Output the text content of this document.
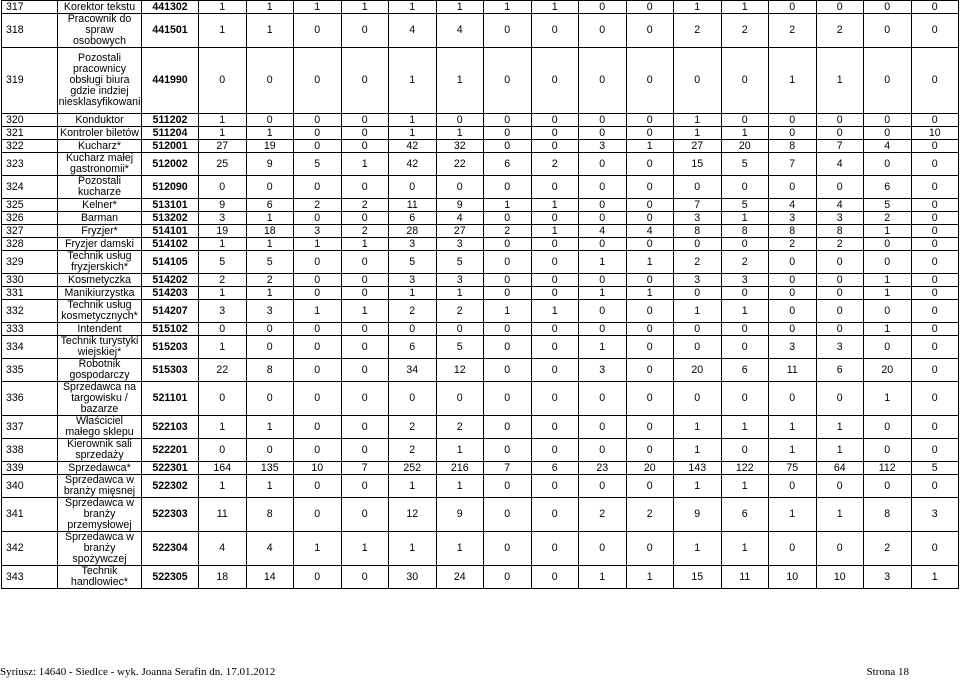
317	Korektor tekstu	441302	1	1	1	1	1	1	1	1	0	0	1	1	0	0	0	0
318	Pracownik do spraw osobowych	441501	1	1	0	0	4	4	0	0	0	0	2	2	2	2	0	0
319	Pozostali pracownicy obsługi biura gdzie indziej niesklasyfikowani	441990	0	0	0	0	1	1	0	0	0	0	0	0	1	1	0	0
320	Konduktor	511202	1	0	0	0	1	0	0	0	0	0	1	0	0	0	0	0
321	Kontroler biletów	511204	1	1	0	0	1	1	0	0	0	0	1	1	0	0	0	10
322	Kucharz*	512001	27	19	0	0	42	32	0	0	3	1	27	20	8	7	4	0
323	Kucharz małej gastronomii*	512002	25	9	5	1	42	22	6	2	0	0	15	5	7	4	0	0
324	Pozostali kucharze	512090	0	0	0	0	0	0	0	0	0	0	0	0	0	0	6	0
325	Kelner*	513101	9	6	2	2	11	9	1	1	0	0	7	5	4	4	5	0
326	Barman	513202	3	1	0	0	6	4	0	0	0	0	3	1	3	3	2	0
327	Fryzjer*	514101	19	18	3	2	28	27	2	1	4	4	8	8	8	8	1	0
328	Fryzjer damski	514102	1	1	1	1	3	3	0	0	0	0	0	0	2	2	0	0
329	Technik usług fryzjerskich*	514105	5	5	0	0	5	5	0	0	1	1	2	2	0	0	0	0
330	Kosmetyczka	514202	2	2	0	0	3	3	0	0	0	0	3	3	0	0	1	0
331	Manikiurzystka	514203	1	1	0	0	1	1	0	0	1	1	0	0	0	0	1	0
332	Technik usług kosmetycznych*	514207	3	3	1	1	2	2	1	1	0	0	1	1	0	0	0	0
333	Intendent	515102	0	0	0	0	0	0	0	0	0	0	0	0	0	0	1	0
334	Technik turystyki wiejskiej*	515203	1	0	0	0	6	5	0	0	1	0	0	0	3	3	0	0
335	Robotnik gospodarczy	515303	22	8	0	0	34	12	0	0	3	0	20	6	11	6	20	0
336	Sprzedawca na targowisku / bazarze	521101	0	0	0	0	0	0	0	0	0	0	0	0	0	0	1	0
337	Właściciel małego sklepu	522103	1	1	0	0	2	2	0	0	0	0	1	1	1	1	0	0
338	Kierownik sali sprzedaży	522201	0	0	0	0	2	1	0	0	0	0	1	0	1	1	0	0
339	Sprzedawca*	522301	164	135	10	7	252	216	7	6	23	20	143	122	75	64	112	5
340	Sprzedawca w branży mięsnej	522302	1	1	0	0	1	1	0	0	0	0	1	1	0	0	0	0
341	Sprzedawca w branży przemysłowej	522303	11	8	0	0	12	9	0	0	2	2	9	6	1	1	8	3
342	Sprzedawca w branży spożywczej	522304	4	4	1	1	1	1	0	0	0	0	1	1	0	0	2	0
343	Technik handlowiec*	522305	18	14	0	0	30	24	0	0	1	1	15	11	10	10	3	1
Syriusz: 14640 - Siedlce - wyk. Joanna Serafin dn. 17.01.2012	Strona 18
